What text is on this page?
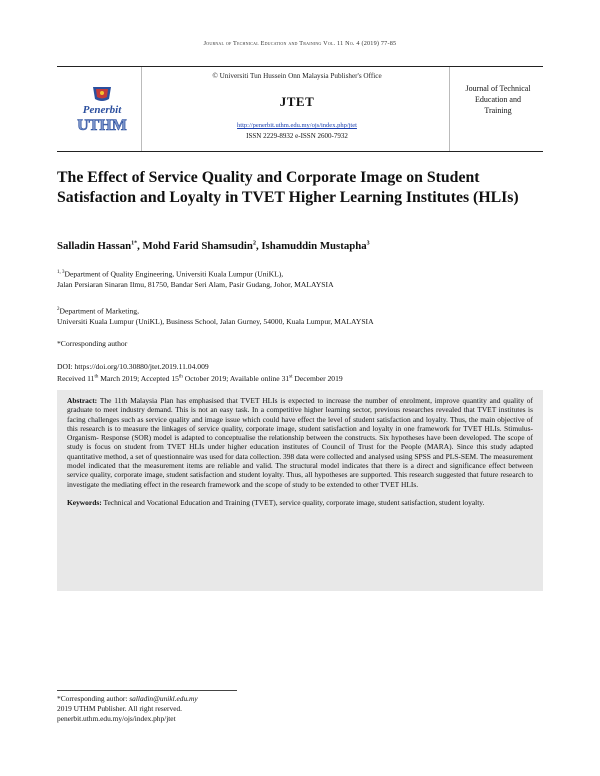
Journal of Technical Education and Training Vol. 11 No. 4 (2019) 77-85
Penerbit
UTHM
© Universiti Tun Hussein Onn Malaysia Publisher's Office
JTET
http://penerbit.uthm.edu.my/ojs/index.php/jtet
ISSN 2229-8932 e-ISSN 2600-7932
Journal of Technical
Education and
Training
The Effect of Service Quality and Corporate Image on Student Satisfaction and Loyalty in TVET Higher Learning Institutes (HLIs)
Salladin Hassan$^{1*}$, Mohd Farid Shamsudin$^2$, Ishamuddin Mustapha$^3$
$^{1, 3}$Department of Quality Engineering, Universiti Kuala Lumpur (UniKL),
Jalan Persiaran Sinaran Ilmu, 81750, Bandar Seri Alam, Pasir Gudang, Johor, MALAYSIA
$^2$Department of Marketing,
Universiti Kuala Lumpur (UniKL), Business School, Jalan Gurney, 54000, Kuala Lumpur, MALAYSIA
*Corresponding author
DOI: https://doi.org/10.30880/jtet.2019.11.04.009
Received 11th March 2019; Accepted 15th October 2019; Available online 31st December 2019

Abstract: The 11th Malaysia Plan has emphasised that TVET HLIs is expected to increase the number of enrolment, improve quantity and quality of graduate to meet industry demand. This is not an easy task. In a competitive higher learning sector, previous researches revealed that TVET institutes is facing challenges such as service quality and image issue which could have effect the level of student satisfaction and loyalty. Thus, the main objective of this research is to measure the linkages of service quality, corporate image, student satisfaction and loyalty in one framework for TVET HLIs. Stimulus- Organism- Response (SOR) model is adapted to conceptualise the relationship between the constructs. Six hypotheses have been developed. The scope of study is focus on student from TVET HLIs under higher education institutes of Council of Trust for the People (MARA). Since this study adapted quantitative method, a set of questionnaire was used for data collection. 398 data were collected and analysed using SPSS and PLS-SEM. The measurement model indicated that the measurement items are reliable and valid. The structural model indicates that there is a direct and significance effect between service quality, corporate image, student satisfaction and student loyalty. Thus, all hypotheses are supported. This research suggested that future research to investigate the mediating effect in the research framework and the scope of study to be extended to other TVET HLIs.

Keywords: Technical and Vocational Education and Training (TVET), service quality, corporate image, student satisfaction, student loyalty.

*Corresponding author: salladin@unikl.edu.my
2019 UTHM Publisher. All right reserved.
penerbit.uthm.edu.my/ojs/index.php/jtet
